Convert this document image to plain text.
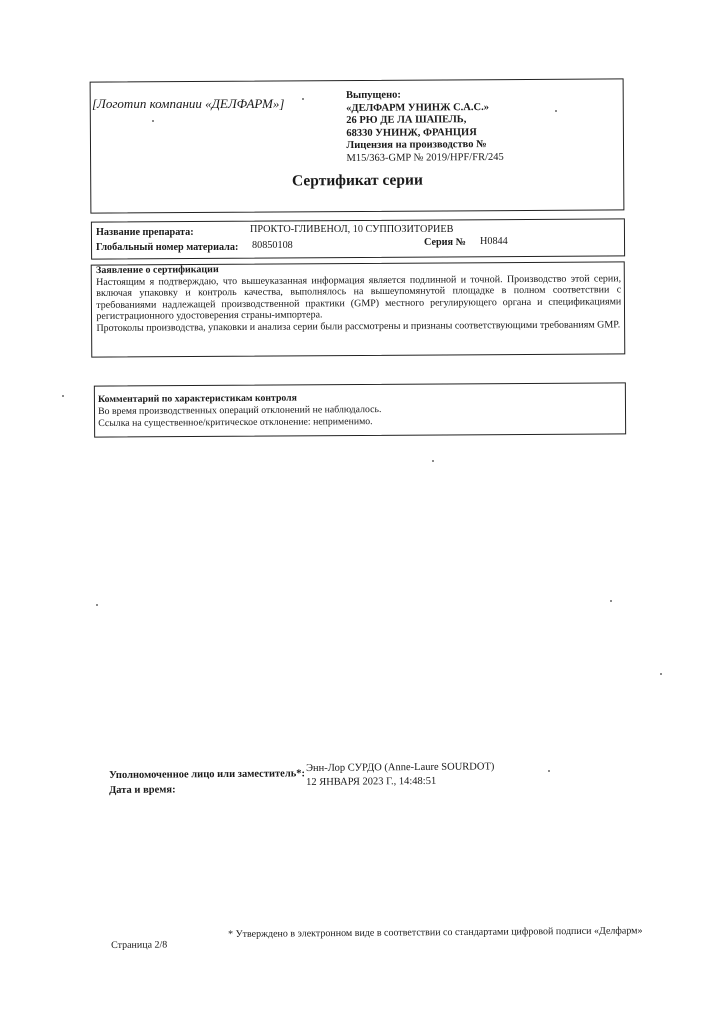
[Логотип компании «ДЕЛФАРМ»]
Выпущено:
«ДЕЛФАРМ УНИНЖ С.А.С.»
26 РЮ ДЕ ЛА ШАПЕЛЬ,
68330 УНИНЖ, ФРАНЦИЯ
Лицензия на производство №
M15/363-GMP № 2019/HPF/FR/245
Сертификат серии
Название препарата:	ПРОКТО-ГЛИВЕНОЛ, 10 СУППОЗИТОРИЕВ
Глобальный номер материала: 80850108	Серия № H0844

Заявление о сертификации

Настоящим я подтверждаю, что вышеуказанная информация является подлинной и точной. Производство этой серии, включая упаковку и контроль качества, выполнялось на вышеупомянутой площадке в полном соответствии с требованиями надлежащей производственной практики (GMP) местного регулирующего органа и спецификациями регистрационного удостоверения страны-импортера.

Протоколы производства, упаковки и анализа серии были рассмотрены и признаны соответствующими требованиям GMP.

Комментарий по характеристикам контроля
Во время производственных операций отклонений не наблюдалось.
Ссылка на существенное/критическое отклонение: неприменимо.
Уполномоченное лицо или заместитель*:
Энн-Лор СУРДО (Anne-Laure SOURDOT)
Дата и время:
12 ЯНВАРЯ 2023 Г., 14:48:51
Страница 2/8
* Утверждено в электронном виде в соответствии со стандартами цифровой подписи «Делфарм»
